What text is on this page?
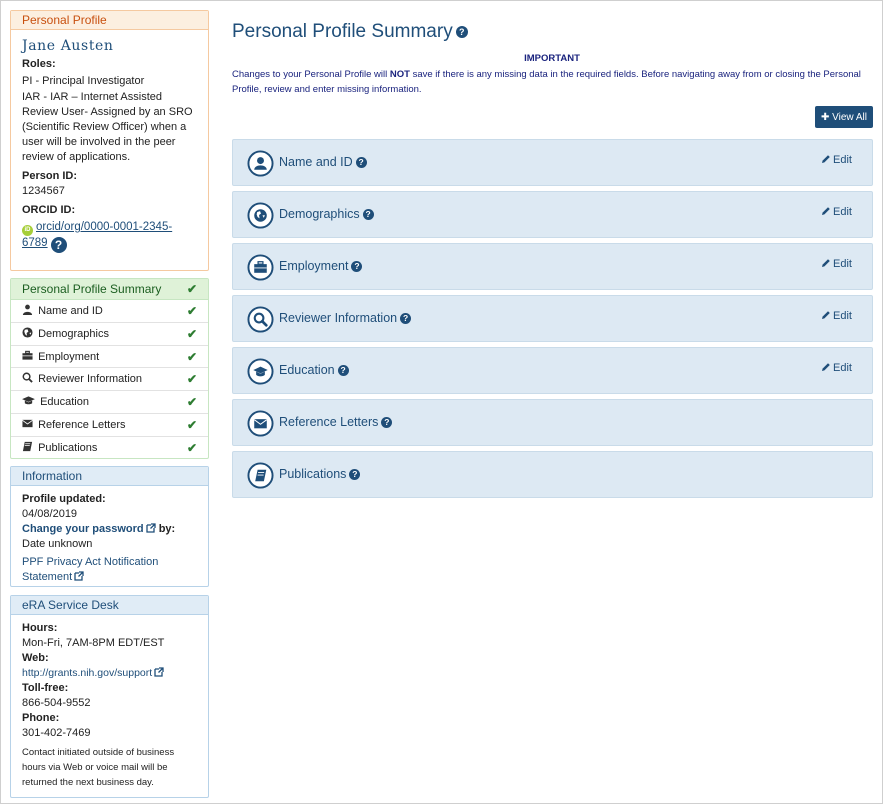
Personal Profile
Jane Austen
Roles:
PI - Principal Investigator
IAR - IAR – Internet Assisted Review User- Assigned by an SRO (Scientific Review Officer) when a user will be involved in the peer review of applications.
Person ID:
1234567
ORCID ID:
iD orcid/org/0000-0001-2345-6789 ?
Personal Profile Summary ✔
Name and ID	✔
Demographics	✔
Employment	✔
Reviewer Information	✔
Education	✔
Reference Letters	✔
Publications	✔
Information
Profile updated:
04/08/2019
Change your password by:
Date unknown
PPF Privacy Act Notification Statement
eRA Service Desk
Hours:
Mon-Fri, 7AM-8PM EDT/EST
Web:
http://grants.nih.gov/support
Toll-free:
866-504-9552
Phone:
301-402-7469
Contact initiated outside of business hours via Web or voice mail will be returned the next business day.
Personal Profile Summary ?
IMPORTANT
Changes to your Personal Profile will NOT save if there is any missing data in the required fields. Before navigating away from or closing the Personal Profile, review and enter missing information.
✚ View All
Name and ID ?	Edit
Demographics ?	Edit
Employment ?	Edit
Reviewer Information ?	Edit
Education ?	Edit
Reference Letters ?
Publications ?
